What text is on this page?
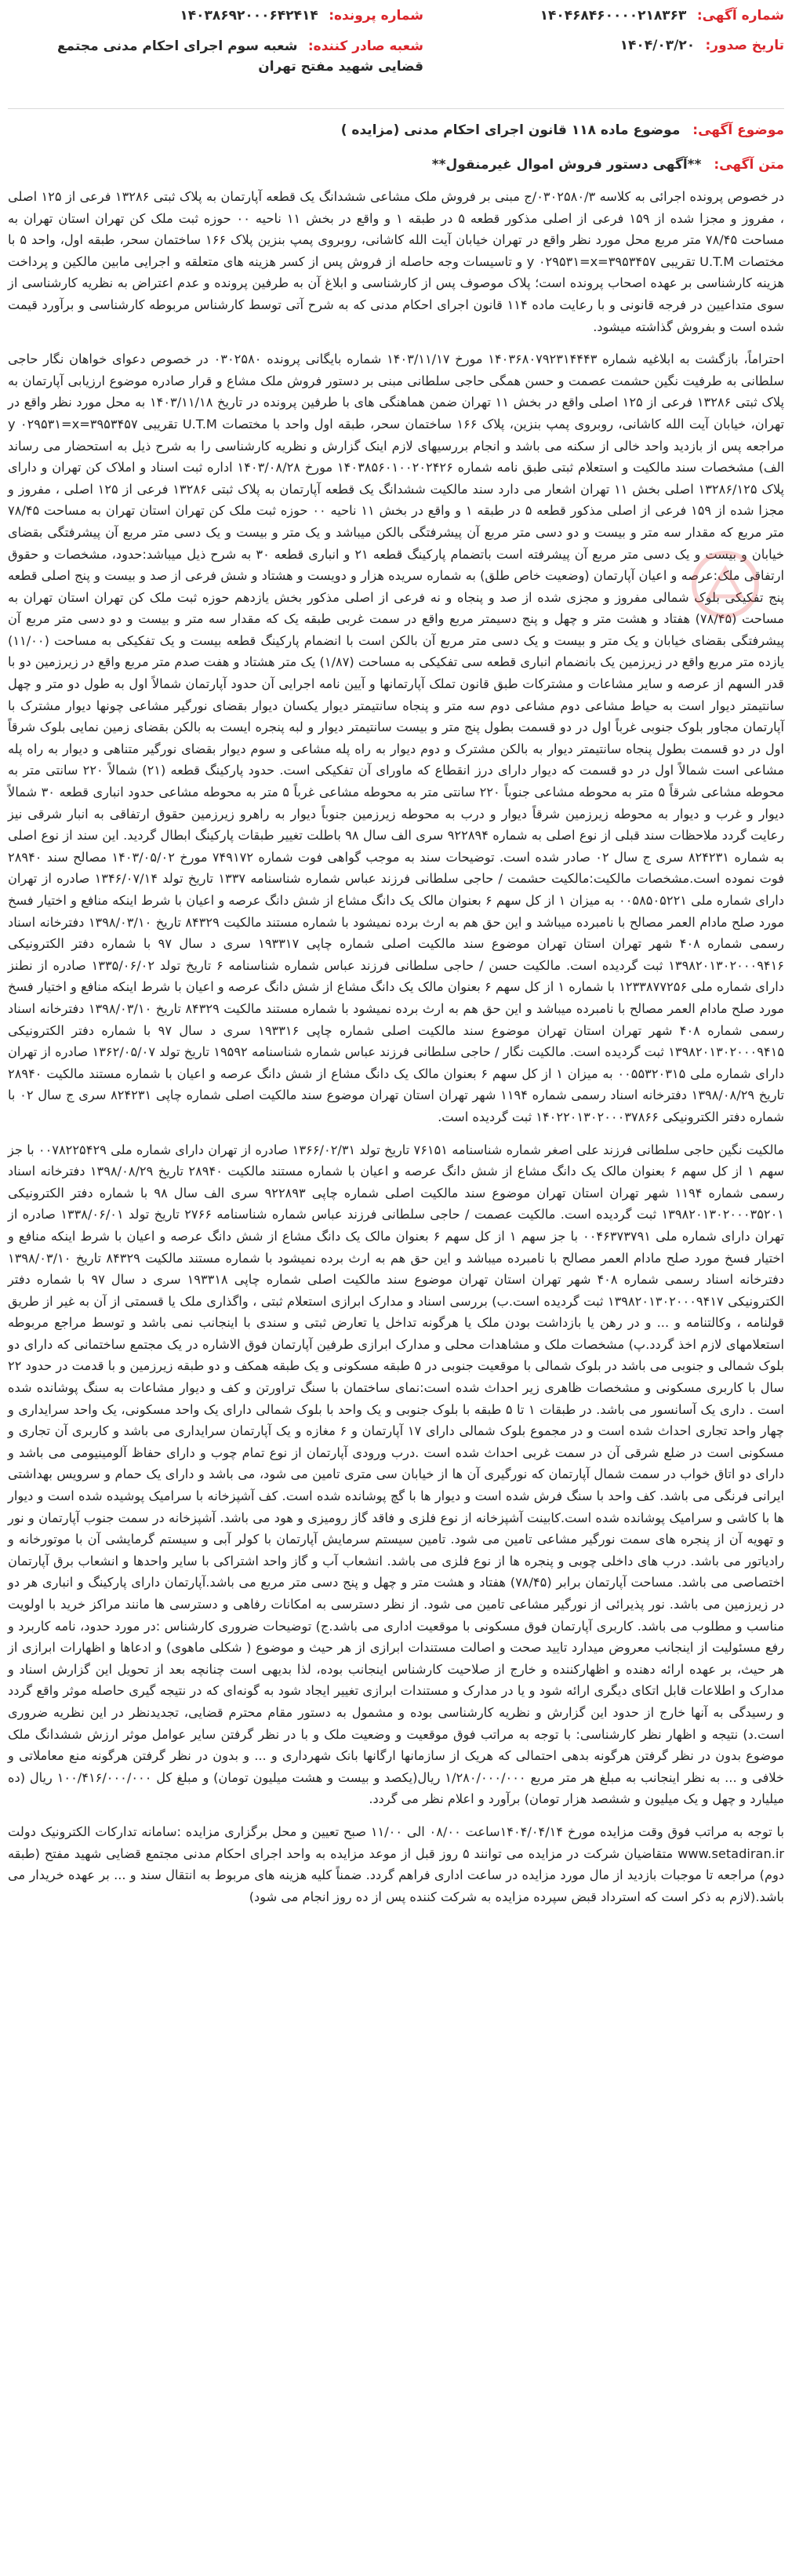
شماره آگهی: ۱۴۰۴۶۸۴۶۰۰۰۰۲۱۸۳۶۳
شماره پرونده: ۱۴۰۳۸۶۹۲۰۰۰۶۴۲۴۱۴
تاریخ صدور: ۱۴۰۴/۰۳/۲۰
شعبه صادر کننده: شعبه سوم اجرای احکام مدنی مجتمع قضایی شهید مفتح تهران
موضوع آگهی: موضوع ماده ۱۱۸ قانون اجرای احکام مدنی (مزایده )
متن آگهی: **آگهی دستور فروش اموال غیرمنقول**

در خصوص پرونده اجرائی به کلاسه ۰۳۰۲۵۸۰/۳/ج مبنی بر فروش ملک مشاعی ششدانگ یک قطعه آپارتمان به پلاک ثبتی ۱۳۲۸۶ فرعی از ۱۲۵ اصلی ، مفروز و مجزا شده از ۱۵۹ فرعی از اصلی مذکور قطعه ۵ در طبقه ۱ و واقع در بخش ۱۱ ناحیه ۰۰ حوزه ثبت ملک کن تهران استان تهران به مساحت ۷۸/۴۵ متر مربع محل مورد نظر واقع در تهران خیابان آیت الله کاشانی، روبروی پمپ بنزین پلاک ۱۶۶ ساختمان سحر، طبقه اول، واحد ۵ با مختصات U.T.M تقریبی ۳۹۵۳۴۵۷=y ۰۲۹۵۳۱=x و تاسیسات وجه حاصله از فروش پس از کسر هزینه های متعلقه و اجرایی مابین مالکین و پرداخت هزینه کارشناسی بر عهده اصحاب پرونده است؛ پلاک موصوف پس از کارشناسی و ابلاغ آن به طرفین پرونده و عدم اعتراض به نظریه کارشناسی از سوی متداعیین در فرجه قانونی و با رعایت ماده ۱۱۴ قانون اجرای احکام مدنی که به شرح آتی توسط کارشناس مربوطه کارشناسی و برآورد قیمت شده است و بفروش گذاشته میشود.

احتراماً، بازگشت به ابلاغیه شماره ۱۴۰۳۶۸۰۷۹۲۳۱۴۴۴۳ مورخ ۱۴۰۳/۱۱/۱۷ شماره بایگانی پرونده ۰۳۰۲۵۸۰ در خصوص دعوای خواهان نگار حاجی سلطانی به طرفیت نگین حشمت عصمت و حسن همگی حاجی سلطانی مبنی بر دستور فروش ملک مشاع و قرار صادره موضوع ارزیابی آپارتمان به پلاک ثبتی ۱۳۲۸۶ فرعی از ۱۲۵ اصلی واقع در بخش ۱۱ تهران ضمن هماهنگی های با طرفین پرونده در تاریخ ۱۴۰۳/۱۱/۱۸ به محل مورد نظر واقع در تهران، خیابان آیت الله کاشانی، روبروی پمپ بنزین، پلاک ۱۶۶ ساختمان سحر، طبقه اول واحد با مختصات U.T.M تقریبی ۳۹۵۳۴۵۷=y ۰۲۹۵۳۱=x مراجعه پس از بازدید واحد خالی از سکنه می باشد و انجام بررسیهای لازم اینک گزارش و نظریه کارشناسی را به شرح ذیل به استحضار می رساند الف) مشخصات سند مالکیت و استعلام ثبتی طبق نامه شماره ۱۴۰۳۸۵۶۰۱۰۰۲۰۲۴۲۶ مورخ ۱۴۰۳/۰۸/۲۸ اداره ثبت اسناد و املاک کن تهران و دارای پلاک ۱۳۲۸۶/۱۲۵ اصلی بخش ۱۱ تهران اشعار می دارد سند مالکیت ششدانگ یک قطعه آپارتمان به پلاک ثبتی ۱۳۲۸۶ فرعی از ۱۲۵ اصلی ، مفروز و مجزا شده از ۱۵۹ فرعی از اصلی مذکور قطعه ۵ در طبقه ۱ و واقع در بخش ۱۱ ناحیه ۰۰ حوزه ثبت ملک کن تهران استان تهران به مساحت ۷۸/۴۵ متر مربع که مقدار سه متر و بیست و دو دسی متر مربع آن پیشرفتگی بالکن میباشد و یک متر و بیست و یک دسی متر مربع آن پیشرفتگی بقضای خیابان و بیست و یک دسی متر مربع آن پیشرفته است باتضمام پارکینگ قطعه ۲۱ و انباری قطعه ۳۰ به شرح ذیل میباشد:حدود، مشخصات و حقوق ارتفاقی ملک:عرصه و اعیان آپارتمان (وضعیت خاص طلق) به شماره سریده هزار و دویست و هشتاد و شش فرعی از صد و بیست و پنج اصلی قطعه پنج تفکیکی بلوک شمالی مفروز و مجزی شده از صد و پنجاه و نه فرعی از اصلی مذکور بخش یازدهم حوزه ثبت ملک کن تهران استان تهران به مساحت (۷۸/۴۵) هفتاد و هشت متر و چهل و پنج دسیمتر مربع واقع در سمت غربی طبقه یک که مقدار سه متر و بیست و دو دسی متر مربع آن پیشرفتگی بقضای خیابان و یک متر و بیست و یک دسی متر مربع آن بالکن است با انضمام پارکینگ قطعه بیست و یک تفکیکی به مساحت (۱۱/۰۰) یازده متر مربع واقع در زیرزمین یک بانضمام انباری قطعه سی تفکیکی به مساحت (۱/۸۷) یک متر هشتاد و هفت صدم متر مربع واقع در زیرزمین دو با قدر السهم از عرصه و سایر مشاعات و مشترکات طبق قانون تملک آپارتمانها و آیین نامه اجرایی آن حدود آپارتمان شمالاً اول به طول دو متر و چهل سانتیمتر دیوار است به حیاط مشاعی دوم مشاعی دوم سه متر و پنجاه سانتیمتر دیوار یکسان دیوار بقضای نورگیر مشاعی چونها دیوار مشترک با آپارتمان مجاور بلوک جنوبی غرباً اول در دو قسمت بطول پنج متر و بیست سانتیمتر دیوار و لبه پنجره ایست به بالکن بقضای زمین نمایی بلوک شرقاً اول در دو قسمت بطول پنجاه سانتیمتر دیوار به بالکن مشترک و دوم دیوار به راه پله مشاعی و سوم دیوار بقضای نورگیر متناهی و دیوار به راه پله مشاعی است شمالاً اول در دو قسمت که دیوار دارای درز انقطاع که ماورای آن تفکیکی است. حدود پارکینگ قطعه (۲۱) شمالاً ۲۲۰ سانتی متر به محوطه مشاعی شرقاً ۵ متر به محوطه مشاعی جنوباً ۲۲۰ سانتی متر به محوطه مشاعی غرباً ۵ متر به محوطه مشاعی حدود انباری قطعه ۳۰ شمالاً دیوار و غرب و دیوار به محوطه زیرزمین شرقاً دیوار و درب به محوطه زیرزمین جنوباً دیوار به راهرو زیرزمین حقوق ارتفاقی به انبار شرقی نیز رعایت گردد ملاحظات سند قبلی از نوع اصلی به شماره ۹۲۲۸۹۴ سری الف سال ۹۸ باطلت تغییر طبقات پارکینگ ابطال گردید. این سند از نوع اصلی به شماره ۸۲۴۲۳۱ سری ج سال ۰۲ صادر شده است. توضیحات سند به موجب گواهی فوت شماره ۷۴۹۱۷۲ مورخ ۱۴۰۳/۰۵/۰۲ مصالح سند ۲۸۹۴۰ فوت نموده است.مشخصات مالکیت:مالکیت حشمت / حاجی سلطانی فرزند عباس شماره شناسنامه ۱۳۳۷ تاریخ تولد ۱۳۴۶/۰۷/۱۴ صادره از تهران دارای شماره ملی ۰۰۵۸۵۰۵۲۲۱ به میزان ۱ از کل سهم ۶ بعنوان مالک یک دانگ مشاع از شش دانگ عرصه و اعیان با شرط اینکه منافع و اختیار فسخ مورد صلح مادام العمر مصالح با نامبرده میباشد و این حق هم به ارث برده نمیشود با شماره مستند مالکیت ۸۴۳۲۹ تاریخ ۱۳۹۸/۰۳/۱۰ دفترخانه اسناد رسمی شماره ۴۰۸ شهر تهران استان تهران موضوع سند مالکیت اصلی شماره چاپی ۱۹۳۳۱۷ سری د سال ۹۷ با شماره دفتر الکترونیکی ۱۳۹۸۲۰۱۳۰۲۰۰۰۹۴۱۶ ثبت گردیده است. مالکیت حسن / حاجی سلطانی فرزند عباس شماره شناسنامه ۶ تاریخ تولد ۱۳۳۵/۰۶/۰۲ صادره از نطنز دارای شماره ملی ۱۲۳۳۸۷۷۲۵۶ با شماره ۱ از کل سهم ۶ بعنوان مالک یک دانگ مشاع از شش دانگ عرصه و اعیان با شرط اینکه منافع و اختیار فسخ مورد صلح مادام العمر مصالح با نامبرده میباشد و این حق هم به ارث برده نمیشود با شماره مستند مالکیت ۸۴۳۲۹ تاریخ ۱۳۹۸/۰۳/۱۰ دفترخانه اسناد رسمی شماره ۴۰۸ شهر تهران استان تهران موضوع سند مالکیت اصلی شماره چاپی ۱۹۳۳۱۶ سری د سال ۹۷ با شماره دفتر الکترونیکی ۱۳۹۸۲۰۱۳۰۲۰۰۰۹۴۱۵ ثبت گردیده است. مالکیت نگار / حاجی سلطانی فرزند عباس شماره شناسنامه ۱۹۵۹۲ تاریخ تولد ۱۳۶۲/۰۵/۰۷ صادره از تهران دارای شماره ملی ۰۰۵۵۳۲۰۳۱۵ به میزان ۱ از کل سهم ۶ بعنوان مالک یک دانگ مشاع از شش دانگ عرصه و اعیان با شماره مستند مالکیت ۲۸۹۴۰ تاریخ ۱۳۹۸/۰۸/۲۹ دفترخانه اسناد رسمی شماره ۱۱۹۴ شهر تهران استان تهران موضوع سند مالکیت اصلی شماره چاپی ۸۲۴۲۳۱ سری ج سال ۰۲ با شماره دفتر الکترونیکی ۱۴۰۲۲۰۱۳۰۲۰۰۰۳۷۸۶۶ ثبت گردیده است.

مالکیت نگین حاجی سلطانی فرزند علی اصغر شماره شناسنامه ۷۶۱۵۱ تاریخ تولد ۱۳۶۶/۰۲/۳۱ صادره از تهران دارای شماره ملی ۰۰۷۸۲۲۵۴۲۹ با جز سهم ۱ از کل سهم ۶ بعنوان مالک یک دانگ مشاع از شش دانگ عرصه و اعیان با شماره مستند مالکیت ۲۸۹۴۰ تاریخ ۱۳۹۸/۰۸/۲۹ دفترخانه اسناد رسمی شماره ۱۱۹۴ شهر تهران استان تهران موضوع سند مالکیت اصلی شماره چاپی ۹۲۲۸۹۳ سری الف سال ۹۸ با شماره دفتر الکترونیکی ۱۳۹۸۲۰۱۳۰۲۰۰۰۳۵۲۰۱ ثبت گردیده است. مالکیت عصمت / حاجی سلطانی فرزند عباس شماره شناسنامه ۲۷۶۶ تاریخ تولد ۱۳۳۸/۰۶/۰۱ صادره از تهران دارای شماره ملی ۰۰۴۶۳۷۳۷۹۱ با جز سهم ۱ از کل سهم ۶ بعنوان مالک یک دانگ مشاع از شش دانگ عرصه و اعیان با شرط اینکه منافع و اختیار فسخ مورد صلح مادام العمر مصالح با نامبرده میباشد و این حق هم به ارث برده نمیشود با شماره مستند مالکیت ۸۴۳۲۹ تاریخ ۱۳۹۸/۰۳/۱۰ دفترخانه اسناد رسمی شماره ۴۰۸ شهر تهران استان تهران موضوع سند مالکیت اصلی شماره چاپی ۱۹۳۳۱۸ سری د سال ۹۷ با شماره دفتر الکترونیکی ۱۳۹۸۲۰۱۳۰۲۰۰۰۹۴۱۷ ثبت گردیده است.ب) بررسی اسناد و مدارک ابرازی استعلام ثبتی ، واگذاری ملک یا قسمتی از آن به غیر از طریق قولنامه ، وکالتنامه و ... و در رهن یا بازداشت بودن ملک یا هرگونه تداخل یا تعارض ثبتی و سندی با اینجانب نمی باشد و توسط مراجع مربوطه استعلامهای لازم اخذ گردد.پ) مشخصات ملک و مشاهدات محلی و مدارک ابرازی طرفین آپارتمان فوق الاشاره در یک مجتمع ساختمانی که دارای دو بلوک شمالی و جنوبی می باشد در بلوک شمالی با موقعیت جنوبی در ۵ طبقه مسکونی و یک طبقه همکف و دو طبقه زیرزمین و با قدمت در حدود ۲۲ سال با کاربری مسکونی و مشخصات ظاهری زیر احداث شده است:نمای ساختمان با سنگ تراورتن و کف و دیوار مشاعات به سنگ پوشانده شده است . داری یک آسانسور می باشد. در طبقات ۱ تا ۵ طبقه با بلوک جنوبی و یک واحد با بلوک شمالی دارای یک واحد مسکونی، یک واحد سرایداری و چهار واحد تجاری احداث شده است و در مجموع بلوک شمالی دارای ۱۷ آپارتمان و ۶ مغازه و یک آپارتمان سرایداری می باشد و کاربری آن تجاری و مسکونی است در ضلع شرقی آن در سمت غربی احداث شده است .درب ورودی آپارتمان از نوع تمام چوب و دارای حفاظ آلومینیومی می باشد و دارای دو اتاق خواب در سمت شمال آپارتمان که نورگیری آن ها از خیابان سی متری تامین می شود، می باشد و دارای یک حمام و سرویس بهداشتی ایرانی فرنگی می باشد. کف واحد با سنگ فرش شده است و دیوار ها با گچ پوشانده شده است. کف آشپزخانه با سرامیک پوشیده شده است و دیوار ها با کاشی و سرامیک پوشانده شده است.کابینت آشپزخانه از نوع فلزی و فاقد گاز رومیزی و هود می باشد. آشپزخانه در سمت جنوب آپارتمان و نور و تهویه آن از پنجره های سمت نورگیر مشاعی تامین می شود. تامین سیستم سرمایش آپارتمان با کولر آبی و سیستم گرمایشی آن با موتورخانه و رادیاتور می باشد. درب های داخلی چوبی و پنجره ها از نوع فلزی می باشد. انشعاب آب و گاز واحد اشتراکی با سایر واحدها و انشعاب برق آپارتمان اختصاصی می باشد. مساحت آپارتمان برابر (۷۸/۴۵) هفتاد و هشت متر و چهل و پنج دسی متر مربع می باشد.آپارتمان دارای پارکینگ و انباری هر دو در زیرزمین می باشد. نور پذیرائی از نورگیر مشاعی تامین می شود. از نظر دسترسی به امکانات رفاهی و دسترسی ها مانند مراکز خرید با اولویت مناسب و مطلوب می باشد. کاربری آپارتمان فوق مسکونی با موقعیت اداری می باشد.ج) توضیحات ضروری کارشناس :در مورد حدود، نامه کاربرد و رفع مسئولیت از اینجانب معروض میدارد تایید صحت و اصالت مستندات ابرازی از هر حیث و موضوع ( شکلی ماهوی) و ادعاها و اظهارات ابرازی از هر حیث، بر عهده ارائه دهنده و اظهارکننده و خارج از صلاحیت کارشناس اینجانب بوده، لذا بدیهی است چنانچه بعد از تحویل این گزارش اسناد و مدارک و اطلاعات قابل اتکای دیگری ارائه شود و یا در مدارک و مستندات ابرازی تغییر ایجاد شود به گونه‌ای که در نتیجه گیری حاصله موثر واقع گردد و رسیدگی به آنها خارج از حدود این گزارش و نظریه کارشناسی بوده و مشمول به دستور مقام محترم قضایی، تجدیدنظر در این نظریه ضروری است.د) نتیجه و اظهار نظر کارشناسی: با توجه به مراتب فوق موقعیت و وضعیت ملک و با در نظر گرفتن سایر عوامل موثر ارزش ششدانگ ملک موضوع بدون در نظر گرفتن هرگونه بدهی احتمالی که هریک از سازمانها ارگانها بانک شهرداری و ... و بدون در نظر گرفتن هرگونه منع معاملاتی و خلافی و ... به نظر اینجانب به مبلغ هر متر مربع ۱/۲۸۰/۰۰۰/۰۰۰ ریال(یکصد و بیست و هشت میلیون تومان) و مبلغ کل ۱۰۰/۴۱۶/۰۰۰/۰۰۰ ریال (ده میلیارد و چهل و یک میلیون و ششصد هزار تومان) برآورد و اعلام نظر می گردد.

با توجه به مراتب فوق وقت مزایده مورخ ۱۴۰۴/۰۴/۱۴ساعت ۰۸/۰۰ الی ۱۱/۰۰ صبح تعیین و محل برگزاری مزایده :سامانه تدارکات الکترونیک دولت www.setadiran.ir متقاضیان شرکت در مزایده می توانند ۵ روز قبل از موعد مزایده به واحد اجرای احکام مدنی مجتمع قضایی شهید مفتح (طبقه دوم) مراجعه تا موجبات بازدید از مال مورد مزایده در ساعت اداری فراهم گردد. ضمناً کلیه هزینه های مربوط به انتقال سند و ... بر عهده خریدار می باشد.(لازم به ذکر است که استرداد قبض سپرده مزایده به شرکت کننده پس از ده روز انجام می شود)
